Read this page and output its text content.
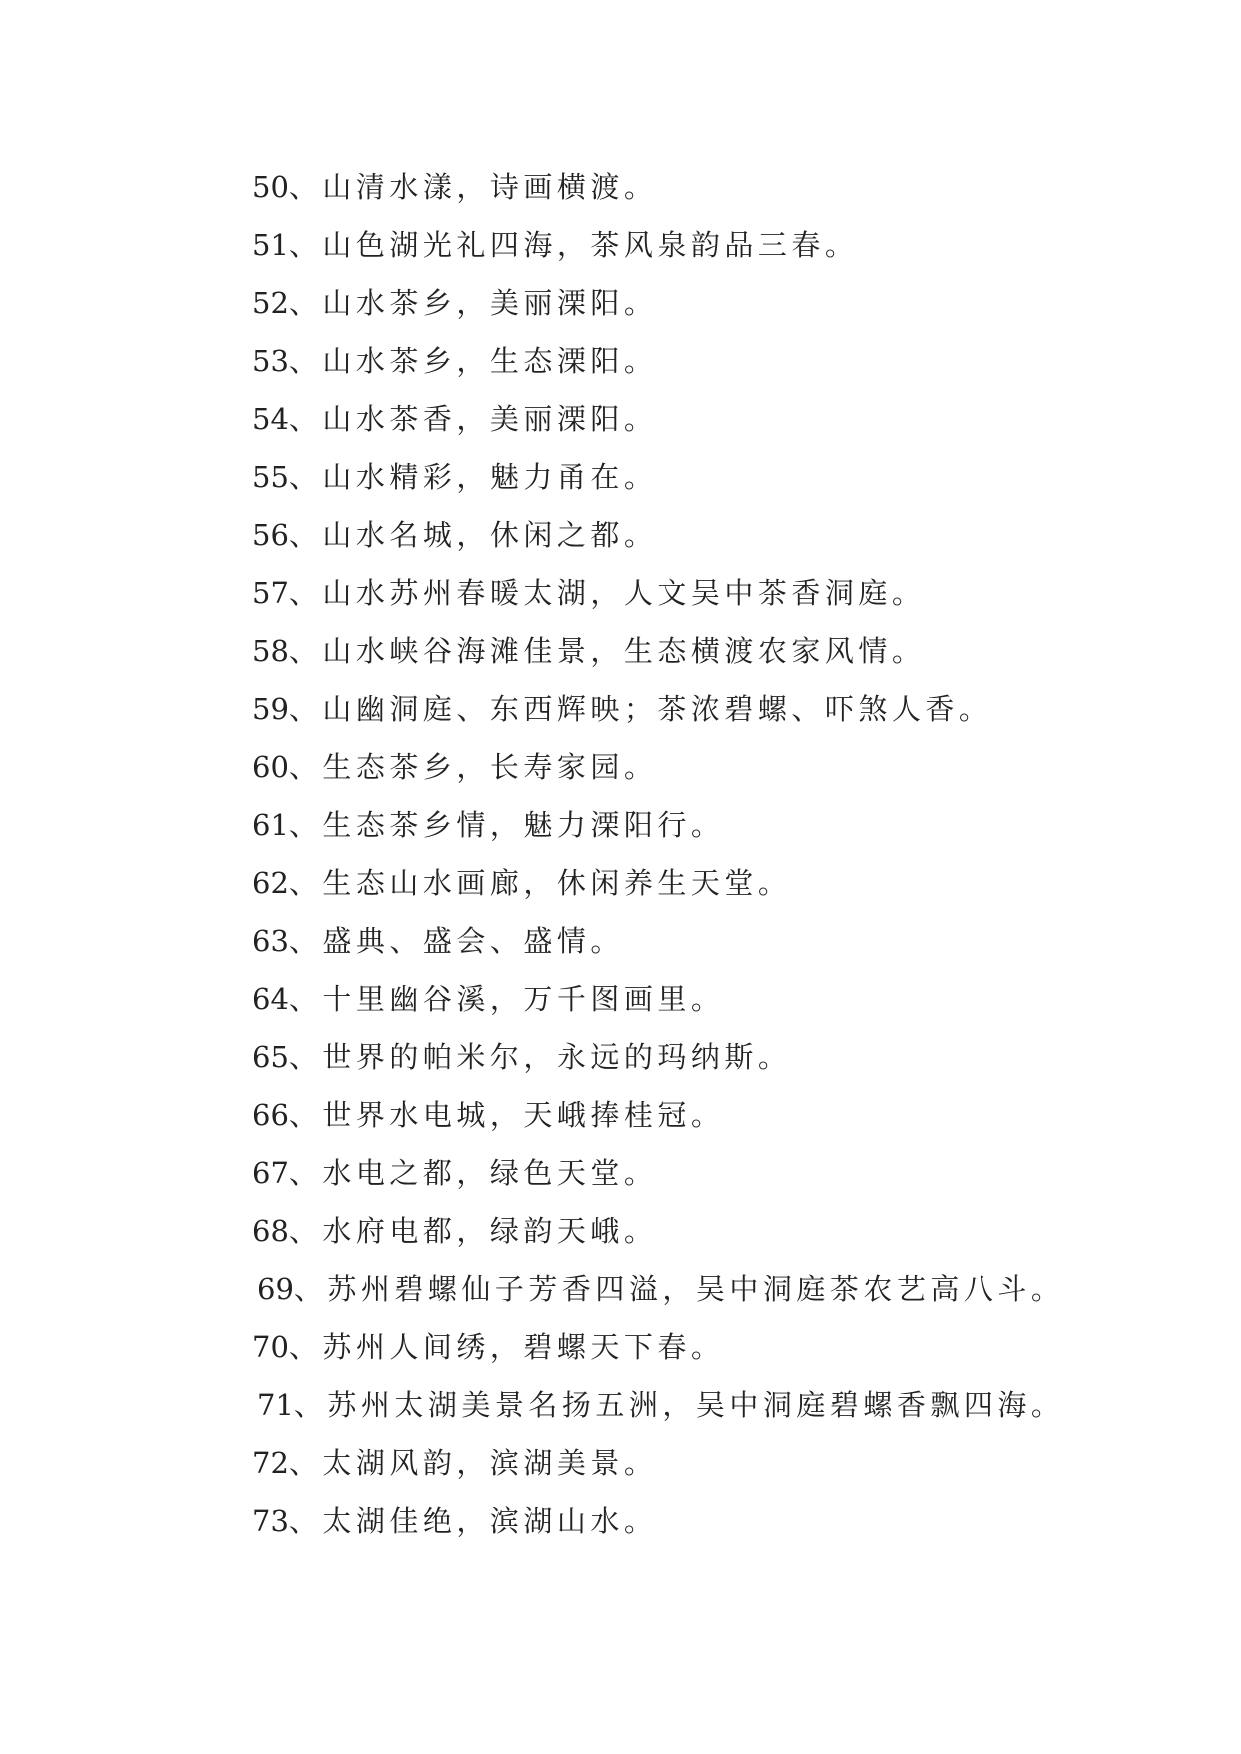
50、山清水漾，诗画横渡。
51、山色湖光礼四海，茶风泉韵品三春。
52、山水茶乡，美丽溧阳。
53、山水茶乡，生态溧阳。
54、山水茶香，美丽溧阳。
55、山水精彩，魅力甬在。
56、山水名城，休闲之都。
57、山水苏州春暖太湖，人文吴中茶香洞庭。
58、山水峡谷海滩佳景，生态横渡农家风情。
59、山幽洞庭、东西辉映；茶浓碧螺、吓煞人香。
60、生态茶乡，长寿家园。
61、生态茶乡情，魅力溧阳行。
62、生态山水画廊，休闲养生天堂。
63、盛典、盛会、盛情。
64、十里幽谷溪，万千图画里。
65、世界的帕米尔，永远的玛纳斯。
66、世界水电城，天峨捧桂冠。
67、水电之都，绿色天堂。
68、水府电都，绿韵天峨。
69、苏州碧螺仙子芳香四溢，吴中洞庭茶农艺高八斗。
70、苏州人间绣，碧螺天下春。
71、苏州太湖美景名扬五洲，吴中洞庭碧螺香飘四海。
72、太湖风韵，滨湖美景。
73、太湖佳绝，滨湖山水。
